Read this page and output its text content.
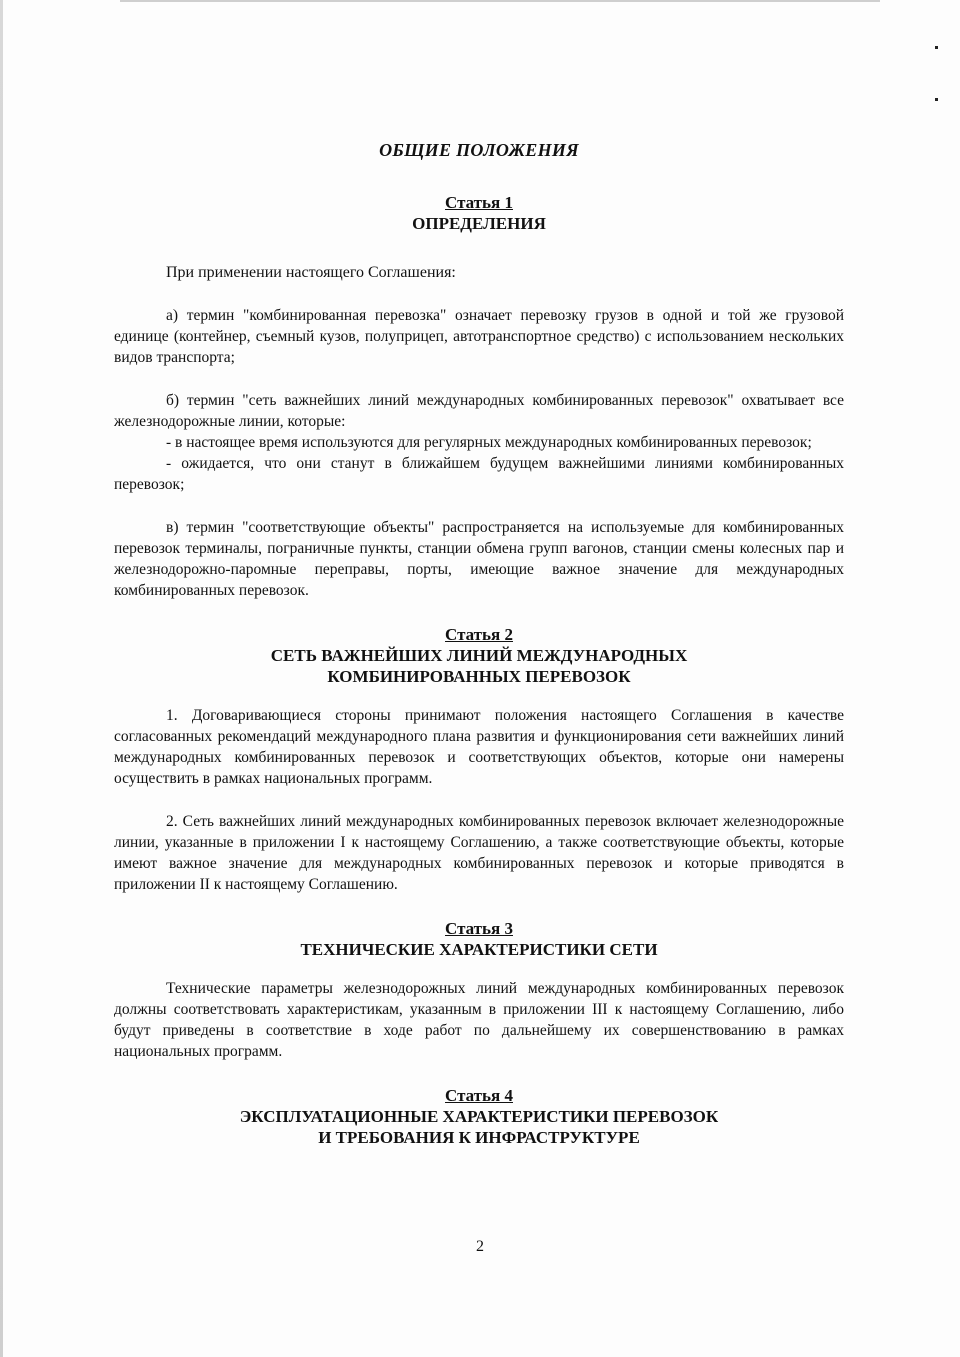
ОБЩИЕ ПОЛОЖЕНИЯ
Статья 1
ОПРЕДЕЛЕНИЯ
При применении настоящего Соглашения:

а) термин "комбинированная перевозка" означает перевозку грузов в одной и той же грузовой единице (контейнер, съемный кузов, полуприцеп, автотранспортное средство) с использованием нескольких видов транспорта;

б) термин "сеть важнейших линий международных комбинированных перевозок" охватывает все железнодорожные линии, которые:

- в настоящее время используются для регулярных международных комбинированных перевозок;

- ожидается, что они станут в ближайшем будущем важнейшими линиями комбинированных перевозок;

в) термин "соответствующие объекты" распространяется на используемые для комбинированных перевозок терминалы, пограничные пункты, станции обмена групп вагонов, станции смены колесных пар и железнодорожно-паромные переправы, порты, имеющие важное значение для международных комбинированных перевозок.

Статья 2
СЕТЬ ВАЖНЕЙШИХ ЛИНИЙ МЕЖДУНАРОДНЫХ
КОМБИНИРОВАННЫХ ПЕРЕВОЗОК

1. Договаривающиеся стороны принимают положения настоящего Соглашения в качестве согласованных рекомендаций международного плана развития и функционирования сети важнейших линий международных комбинированных перевозок и соответствующих объектов, которые они намерены осуществить в рамках национальных программ.

2. Сеть важнейших линий международных комбинированных перевозок включает железнодорожные линии, указанные в приложении I к настоящему Соглашению, а также соответствующие объекты, которые имеют важное значение для международных комбинированных перевозок и которые приводятся в приложении II к настоящему Соглашению.

Статья 3
ТЕХНИЧЕСКИЕ ХАРАКТЕРИСТИКИ СЕТИ

Технические параметры железнодорожных линий международных комбинированных перевозок должны соответствовать характеристикам, указанным в приложении III к настоящему Соглашению, либо будут приведены в соответствие в ходе работ по дальнейшему их совершенствованию в рамках национальных программ.

Статья 4
ЭКСПЛУАТАЦИОННЫЕ ХАРАКТЕРИСТИКИ ПЕРЕВОЗОК
И ТРЕБОВАНИЯ К ИНФРАСТРУКТУРЕ
2
